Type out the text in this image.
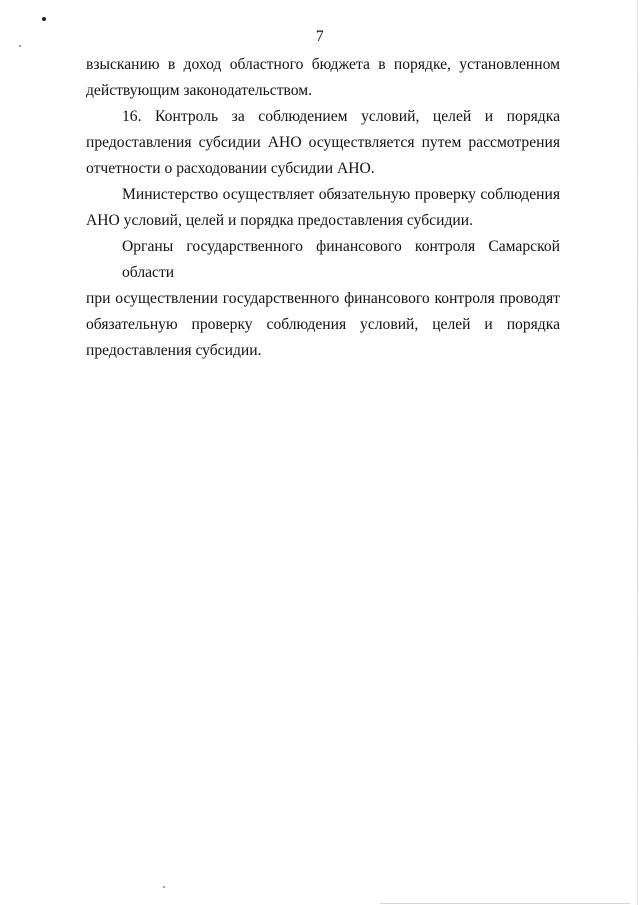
7

взысканию в доход областного бюджета в порядке, установленном
действующим законодательством.

16. Контроль за соблюдением условий, целей и порядка
предоставления субсидии АНО осуществляется путем рассмотрения
отчетности о расходовании субсидии АНО.

Министерство осуществляет обязательную проверку соблюдения
АНО условий, целей и порядка предоставления субсидии.

Органы государственного финансового контроля Самарской области
при осуществлении государственного финансового контроля проводят
обязательную проверку соблюдения условий, целей и порядка
предоставления субсидии.
